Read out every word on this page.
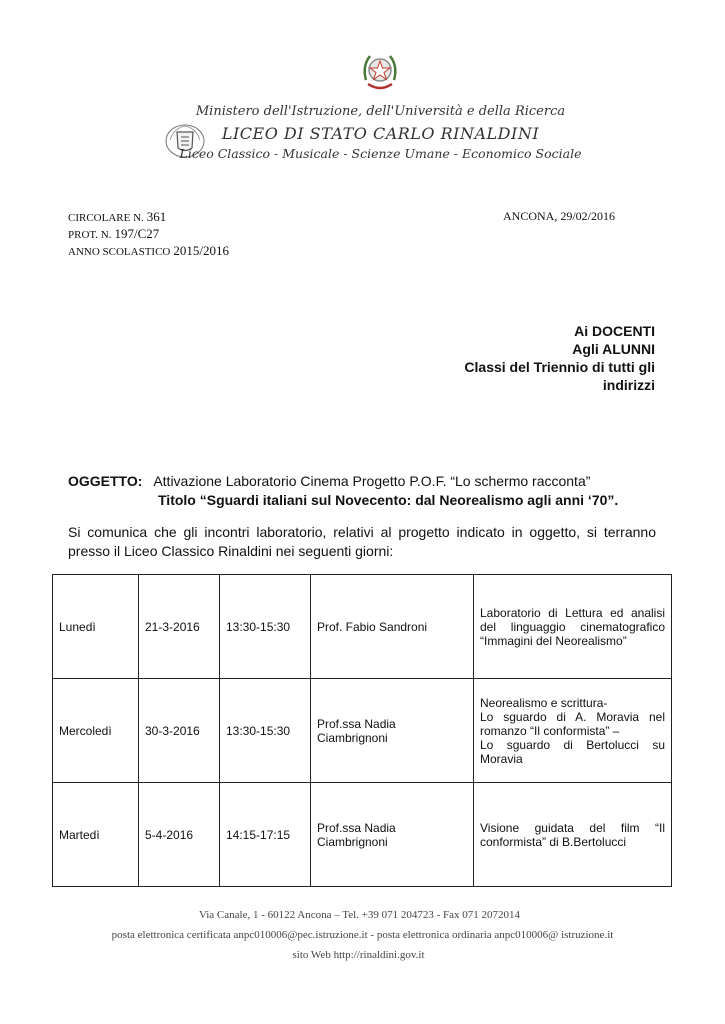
Ministero dell'Istruzione, dell'Università e della Ricerca
LICEO DI STATO CARLO RINALDINI
Liceo Classico - Musicale - Scienze Umane - Economico Sociale
CIRCOLARE N. 361
PROT. N. 197/C27
ANNO SCOLASTICO 2015/2016
ANCONA, 29/02/2016
Ai DOCENTI
Agli ALUNNI
Classi del Triennio di tutti gli
indirizzi
OGGETTO: Attivazione Laboratorio Cinema Progetto P.O.F. “Lo schermo racconta”
Titolo “Sguardi italiani sul Novecento: dal Neorealismo agli anni ‘70”.
Si comunica che gli incontri laboratorio, relativi al progetto indicato in oggetto, si terranno presso il Liceo Classico Rinaldini nei seguenti giorni:
Lunedì	21-3-2016	13:30-15:30	Prof. Fabio Sandroni	Laboratorio di Lettura ed analisi del linguaggio cinematografico “Immagini del Neorealismo”

Mercoledì	30-3-2016	13:30-15:30	Prof.ssa Nadia Ciambrignoni	Neorealismo e scrittura-
Lo sguardo di A. Moravia nel romanzo “Il conformista” –
Lo sguardo di Bertolucci su Moravia

Martedì	5-4-2016	14:15-17:15	Prof.ssa Nadia Ciambrignoni	Visione guidata del film “Il conformista” di B.Bertolucci
Via Canale, 1 - 60122 Ancona – Tel. +39 071 204723 - Fax 071 2072014
posta elettronica certificata anpc010006@pec.istruzione.it - posta elettronica ordinaria anpc010006@ istruzione.it
sito Web http://rinaldini.gov.it
